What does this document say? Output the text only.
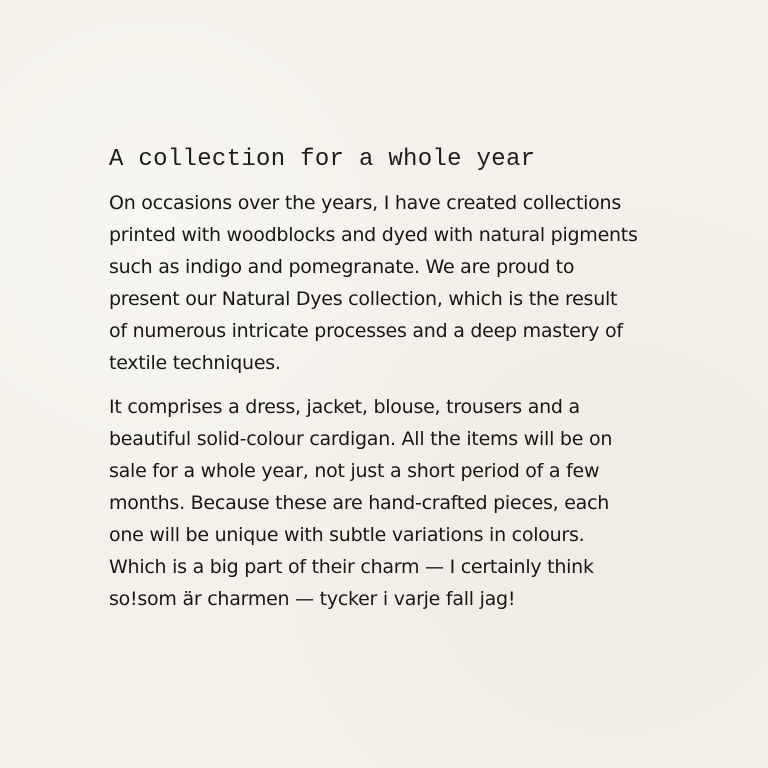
A collection for a whole year

On occasions over the years, I have created collections
printed with woodblocks and dyed with natural pigments
such as indigo and pomegranate. We are proud to
present our Natural Dyes collection, which is the result
of numerous intricate processes and a deep mastery of
textile techniques.

It comprises a dress, jacket, blouse, trousers and a
beautiful solid-colour cardigan. All the items will be on
sale for a whole year, not just a short period of a few
months. Because these are hand-crafted pieces, each
one will be unique with subtle variations in colours.
Which is a big part of their charm — I certainly think
so!som är charmen — tycker i varje fall jag!
